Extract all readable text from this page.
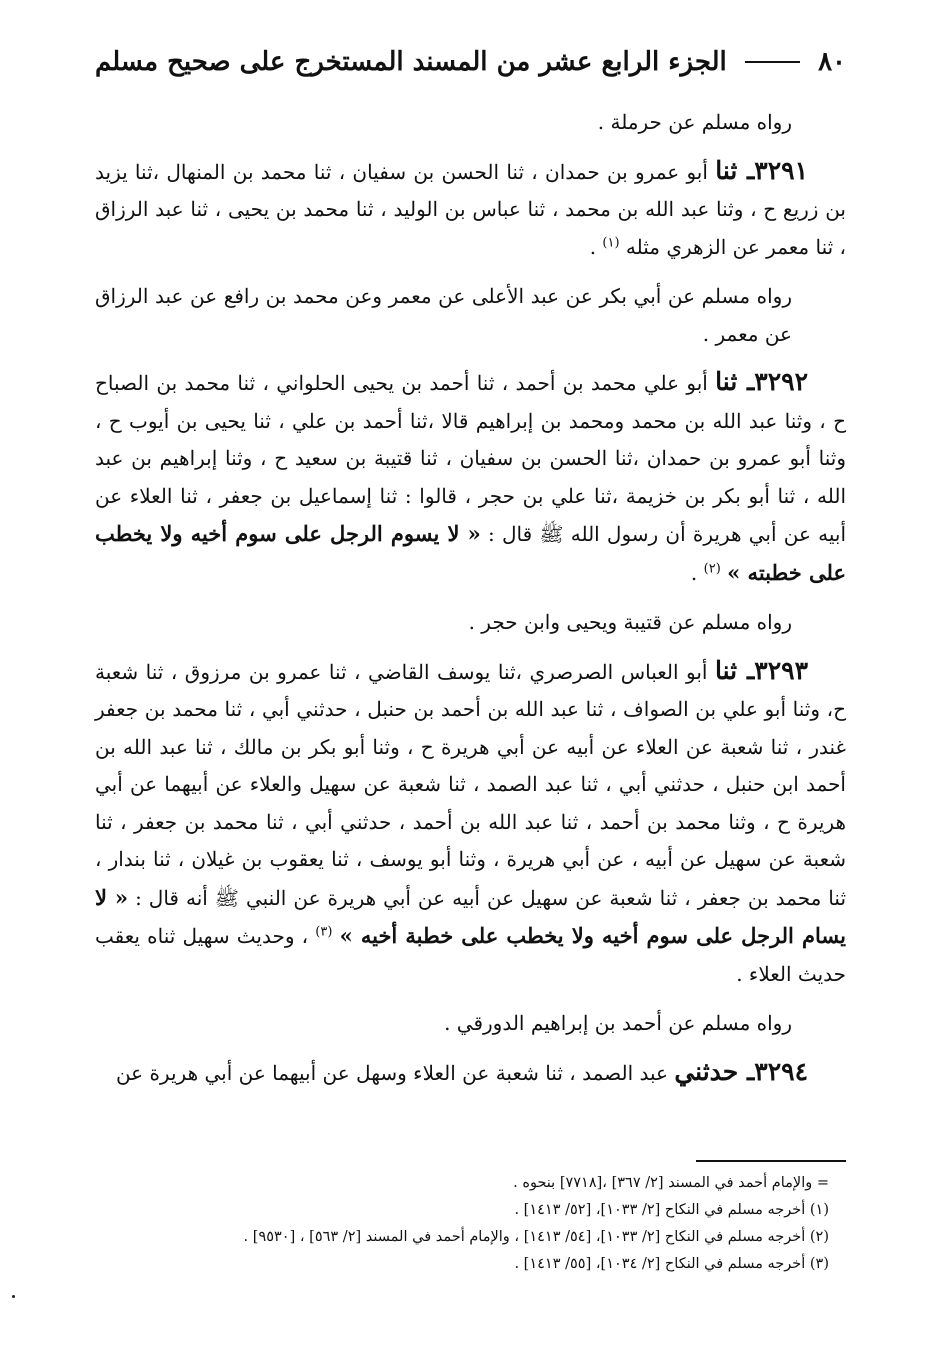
٨٠
الجزء الرابع عشر من المسند المستخرج على صحيح مسلم

رواه مسلم عن حرملة .

٣٢٩١ـ ثنا أبو عمرو بن حمدان ، ثنا الحسن بن سفيان ، ثنا محمد بن المنهال ،ثنا يزيد بن زريع ح ، وثنا عبد الله بن محمد ، ثنا عباس بن الوليد ، ثنا محمد بن يحيى ، ثنا عبد الرزاق ، ثنا معمر عن الزهري مثله $^{(١)}$ .

رواه مسلم عن أبي بكر عن عبد الأعلى عن معمر وعن محمد بن رافع عن عبد الرزاق عن معمر .

٣٢٩٢ـ ثنا أبو علي محمد بن أحمد ، ثنا أحمد بن يحيى الحلواني ، ثنا محمد بن الصباح ح ، وثنا عبد الله بن محمد ومحمد بن إبراهيم قالا ،ثنا أحمد بن علي ، ثنا يحيى بن أيوب ح ، وثنا أبو عمرو بن حمدان ،ثنا الحسن بن سفيان ، ثنا قتيبة بن سعيد ح ، وثنا إبراهيم بن عبد الله ، ثنا أبو بكر بن خزيمة ،ثنا علي بن حجر ، قالوا : ثنا إسماعيل بن جعفر ، ثنا العلاء عن أبيه عن أبي هريرة أن رسول الله ﷺ قال : « لا يسوم الرجل على سوم أخيه ولا يخطب على خطبته » $^{(٢)}$ .

رواه مسلم عن قتيبة ويحيى وابن حجر .

٣٢٩٣ـ ثنا أبو العباس الصرصري ،ثنا يوسف القاضي ، ثنا عمرو بن مرزوق ، ثنا شعبة ح، وثنا أبو علي بن الصواف ، ثنا عبد الله بن أحمد بن حنبل ، حدثني أبي ، ثنا محمد بن جعفر غندر ، ثنا شعبة عن العلاء عن أبيه عن أبي هريرة ح ، وثنا أبو بكر بن مالك ، ثنا عبد الله بن أحمد ابن حنبل ، حدثني أبي ، ثنا عبد الصمد ، ثنا شعبة عن سهيل والعلاء عن أبيهما عن أبي هريرة ح ، وثنا محمد بن أحمد ، ثنا عبد الله بن أحمد ، حدثني أبي ، ثنا محمد بن جعفر ، ثنا شعبة عن سهيل عن أبيه ، عن أبي هريرة ، وثنا أبو يوسف ، ثنا يعقوب بن غيلان ، ثنا بندار ، ثنا محمد بن جعفر ، ثنا شعبة عن سهيل عن أبيه عن أبي هريرة عن النبي ﷺ أنه قال : « لا يسام الرجل على سوم أخيه ولا يخطب على خطبة أخيه » $^{(٣)}$ ، وحديث سهيل ثناه يعقب حديث العلاء .

رواه مسلم عن أحمد بن إبراهيم الدورقي .

٣٢٩٤ـ حدثني عبد الصمد ، ثنا شعبة عن العلاء وسهل عن أبيهما عن أبي هريرة عن

= والإمام أحمد في المسند [٢/ ٣٦٧] ،[٧٧١٨] بنحوه .

(١) أخرجه مسلم في النكاح [٢/ ١٠٣٣]، [٥٢/ ١٤١٣] .

(٢) أخرجه مسلم في النكاح [٢/ ١٠٣٣]، [٥٤/ ١٤١٣] ، والإمام أحمد في المسند [٢/ ٥٦٣] ، [٩٥٣٠] .

(٣) أخرجه مسلم في النكاح [٢/ ١٠٣٤]، [٥٥/ ١٤١٣] .
